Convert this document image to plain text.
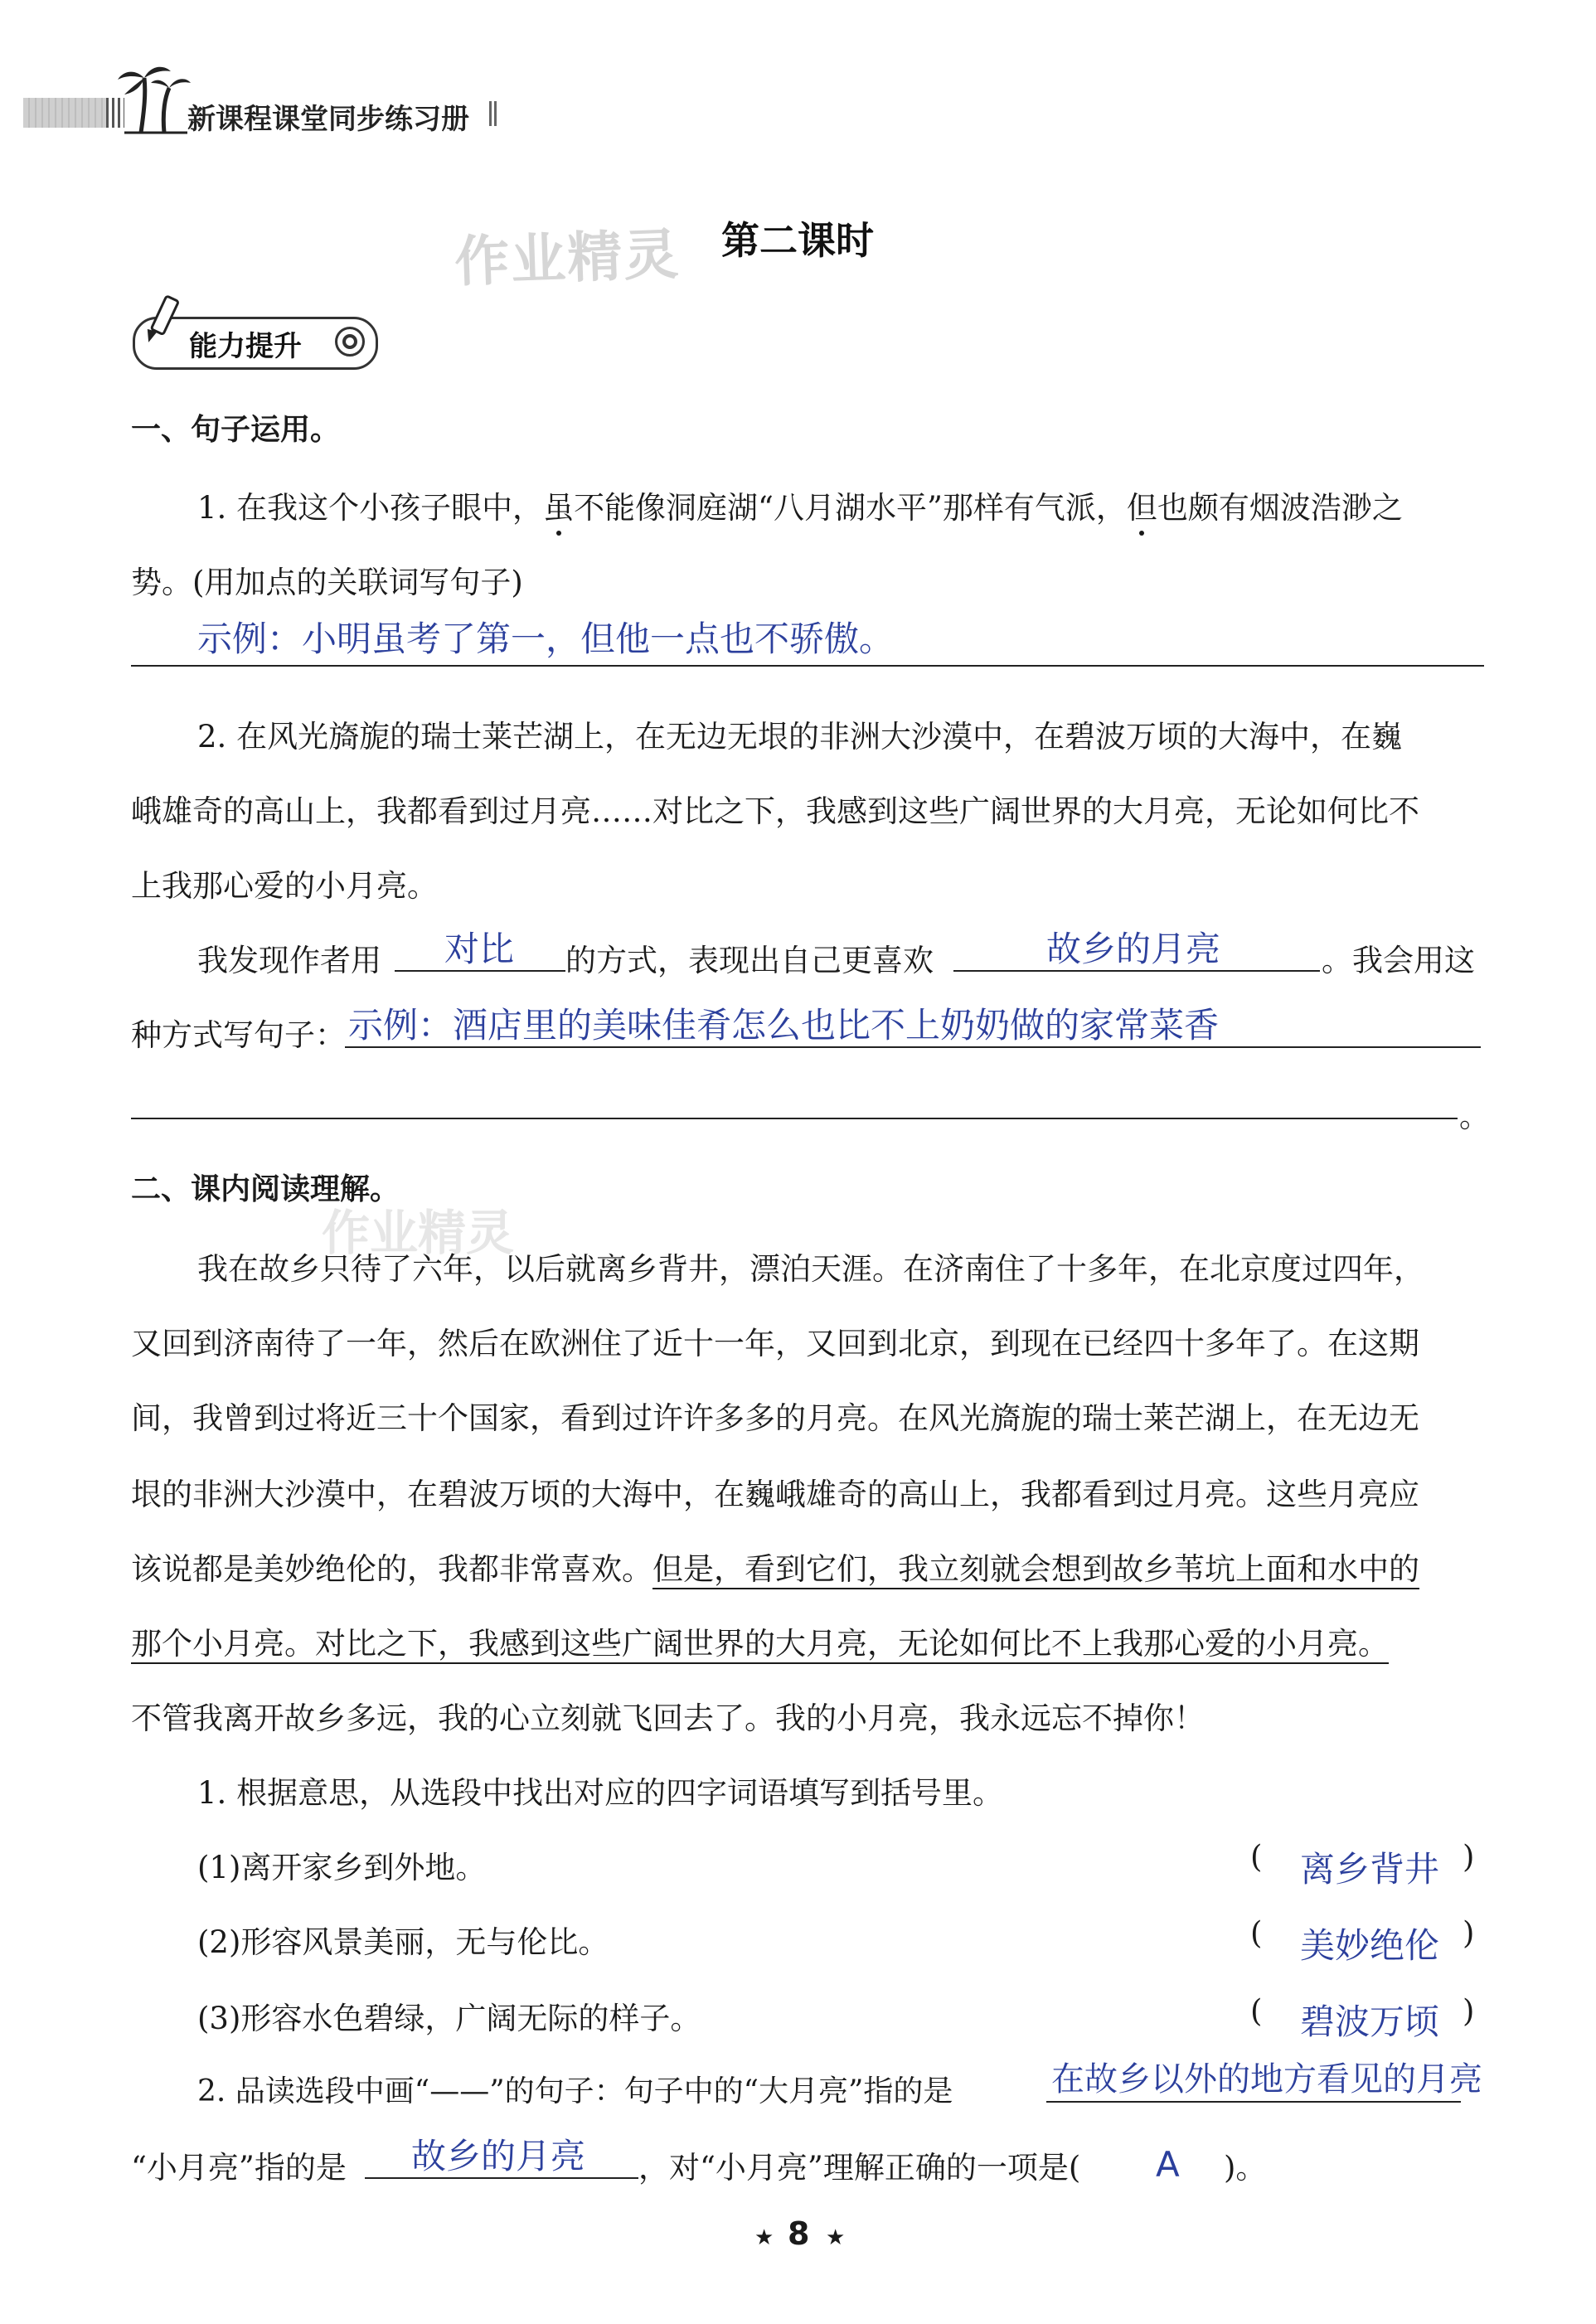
新课程课堂同步练习册
作业精灵
作业精灵
第二课时
能力提升
一、句子运用。
1. 在我这个小孩子眼中，虽不能像洞庭湖“八月湖水平”那样有气派，但也颇有烟波浩渺之
势。(用加点的关联词写句子)
示例：小明虽考了第一，但他一点也不骄傲。
2. 在风光旖旎的瑞士莱芒湖上，在无边无垠的非洲大沙漠中，在碧波万顷的大海中，在巍
峨雄奇的高山上，我都看到过月亮……对比之下，我感到这些广阔世界的大月亮，无论如何比不
上我那心爱的小月亮。
我发现作者用 对比 的方式，表现出自己更喜欢	故乡的月亮	。我会用这
种方式写句子： 示例：酒店里的美味佳肴怎么也比不上奶奶做的家常菜香
。
二、课内阅读理解。
我在故乡只待了六年，以后就离乡背井，漂泊天涯。在济南住了十多年，在北京度过四年，
又回到济南待了一年，然后在欧洲住了近十一年，又回到北京，到现在已经四十多年了。在这期
间，我曾到过将近三十个国家，看到过许许多多的月亮。在风光旖旎的瑞士莱芒湖上，在无边无
垠的非洲大沙漠中，在碧波万顷的大海中，在巍峨雄奇的高山上，我都看到过月亮。这些月亮应
该说都是美妙绝伦的，我都非常喜欢。但是，看到它们，我立刻就会想到故乡苇坑上面和水中的
那个小月亮。对比之下，我感到这些广阔世界的大月亮，无论如何比不上我那心爱的小月亮。
不管我离开故乡多远，我的心立刻就飞回去了。我的小月亮，我永远忘不掉你！
1. 根据意思，从选段中找出对应的四字词语填写到括号里。
(1)离开家乡到外地。	( 离乡背井 )
(2)形容风景美丽，无与伦比。	( 美妙绝伦 )
(3)形容水色碧绿，广阔无际的样子。	( 碧波万顷 )
2. 品读选段中画“——”的句子：句子中的“大月亮”指的是	在故乡以外的地方看见的月亮
“小月亮”指的是 故乡的月亮 ，对“小月亮”理解正确的一项是( A )。
★ 8 ★
